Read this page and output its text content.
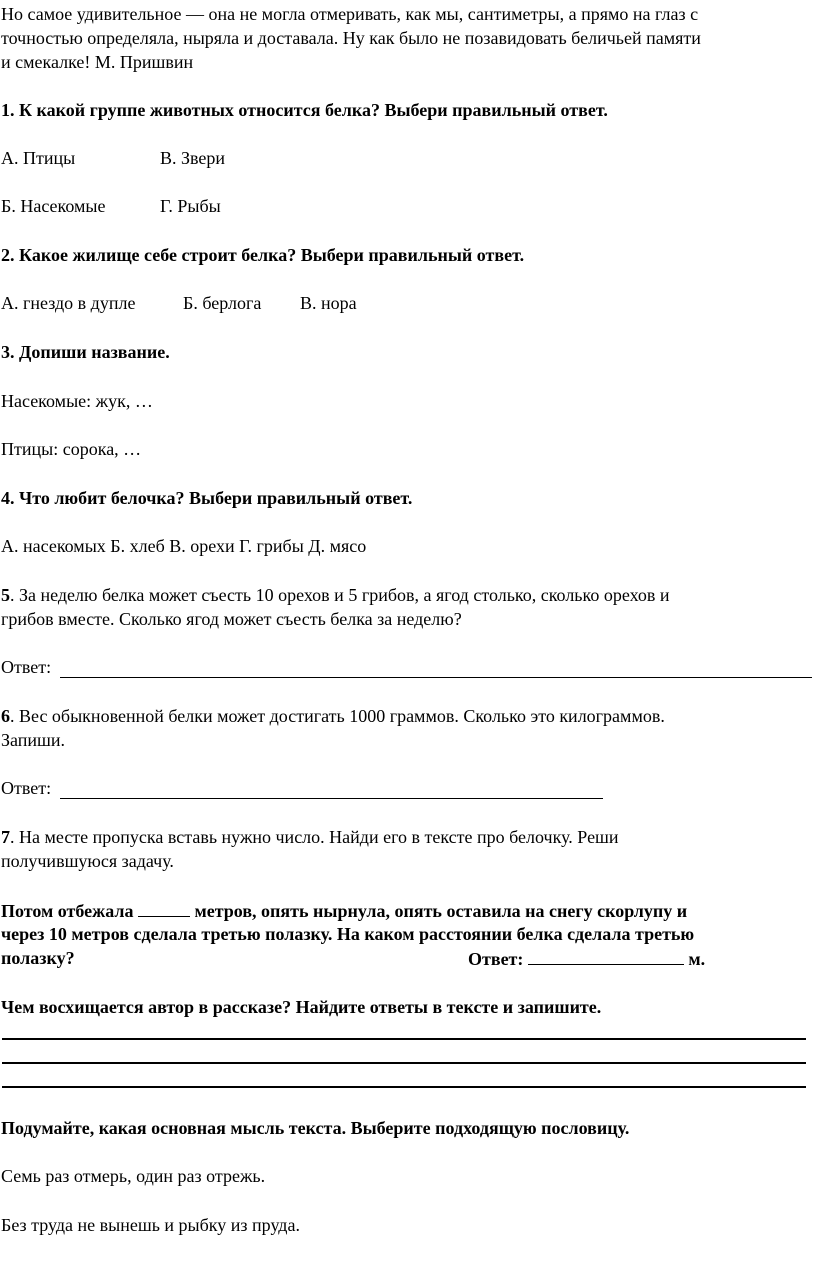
Но самое удивительное — она не могла отмеривать, как мы, сантиметры, а прямо на глаз с
точностью определяла, ныряла и доставала. Ну как было не позавидовать беличьей памяти
и смекалке! М. Пришвин
1. К какой группе животных относится белка? Выбери правильный ответ.
А. Птицы	В. Звери
Б. Насекомые	Г. Рыбы
2. Какое жилище себе строит белка? Выбери правильный ответ.
А. гнездо в дупле	Б. берлога В. нора
3. Допиши название.
Насекомые: жук, …
Птицы: сорока, …
4. Что любит белочка? Выбери правильный ответ.
А. насекомых Б. хлеб В. орехи Г. грибы Д. мясо
5. За неделю белка может съесть 10 орехов и 5 грибов, а ягод столько, сколько орехов и
грибов вместе. Сколько ягод может съесть белка за неделю?
Ответ:
6. Вес обыкновенной белки может достигать 1000 граммов. Сколько это килограммов.
Запиши.
Ответ:
7. На месте пропуска вставь нужно число. Найди его в тексте про белочку. Реши
получившуюся задачу.
Потом отбежала	метров, опять нырнула, опять оставила на снегу скорлупу и
через 10 метров сделала третью полазку. На каком расстоянии белка сделала третью
полазку?	Ответ:	м.
Чем восхищается автор в рассказе? Найдите ответы в тексте и запишите.
Подумайте, какая основная мысль текста. Выберите подходящую пословицу.
Семь раз отмерь, один раз отрежь.
Без труда не вынешь и рыбку из пруда.
